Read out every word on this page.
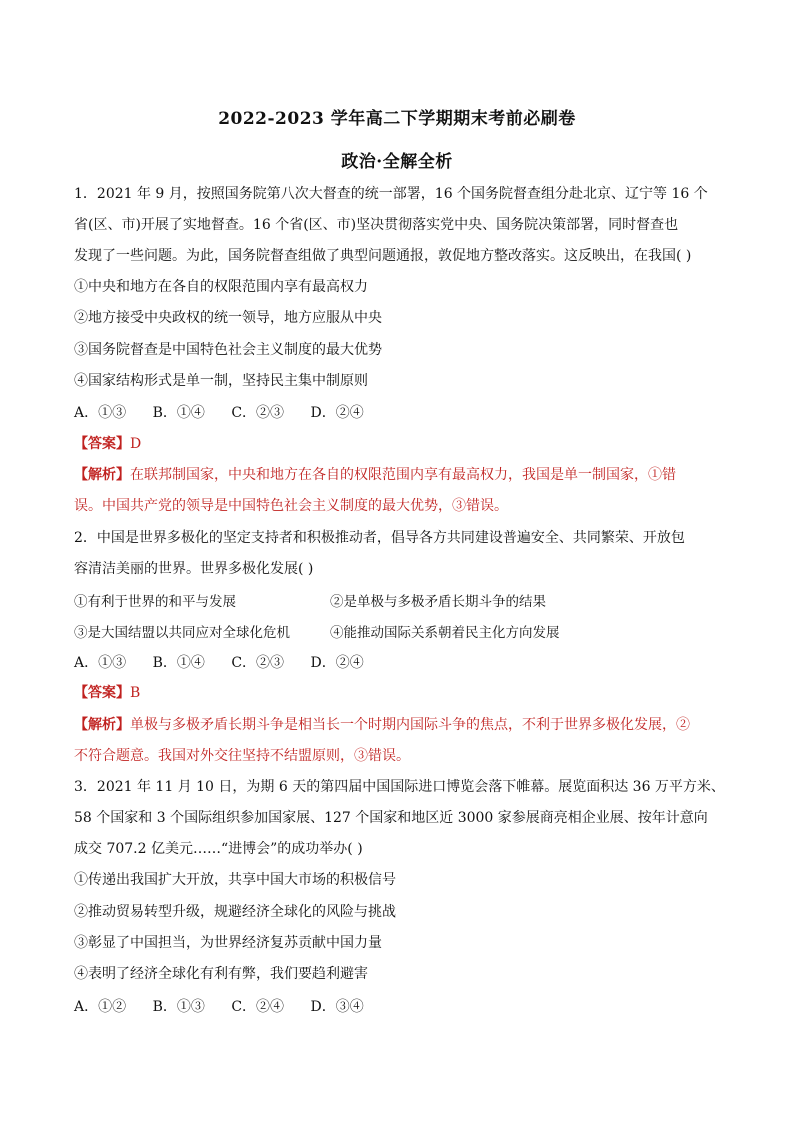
2022-2023 学年高二下学期期末考前必刷卷
政治·全解全析
1．2021 年 9 月，按照国务院第八次大督查的统一部署，16 个国务院督查组分赴北京、辽宁等 16 个
省(区、市)开展了实地督查。16 个省(区、市)坚决贯彻落实党中央、国务院决策部署，同时督查也
发现了一些问题。为此，国务院督查组做了典型问题通报，敦促地方整改落实。这反映出，在我国( )
①中央和地方在各自的权限范围内享有最高权力
②地方接受中央政权的统一领导，地方应服从中央
③国务院督查是中国特色社会主义制度的最大优势
④国家结构形式是单一制，坚持民主集中制原则
A．①③ B．①④ C．②③ D．②④
【答案】D
【解析】在联邦制国家，中央和地方在各自的权限范围内享有最高权力，我国是单一制国家，①错
误。中国共产党的领导是中国特色社会主义制度的最大优势，③错误。
2．中国是世界多极化的坚定支持者和积极推动者，倡导各方共同建设普遍安全、共同繁荣、开放包
容清洁美丽的世界。世界多极化发展( )
①有利于世界的和平与发展	②是单极与多极矛盾长期斗争的结果
③是大国结盟以共同应对全球化危机	④能推动国际关系朝着民主化方向发展
A．①③ B．①④ C．②③ D．②④
【答案】B
【解析】单极与多极矛盾长期斗争是相当长一个时期内国际斗争的焦点，不利于世界多极化发展，②
不符合题意。我国对外交往坚持不结盟原则，③错误。
3．2021 年 11 月 10 日，为期 6 天的第四届中国国际进口博览会落下帷幕。展览面积达 36 万平方米、
58 个国家和 3 个国际组织参加国家展、127 个国家和地区近 3000 家参展商亮相企业展、按年计意向
成交 707.2 亿美元……“进博会”的成功举办( )
①传递出我国扩大开放，共享中国大市场的积极信号
②推动贸易转型升级，规避经济全球化的风险与挑战
③彰显了中国担当，为世界经济复苏贡献中国力量
④表明了经济全球化有利有弊，我们要趋利避害
A．①② B．①③ C．②④ D．③④
